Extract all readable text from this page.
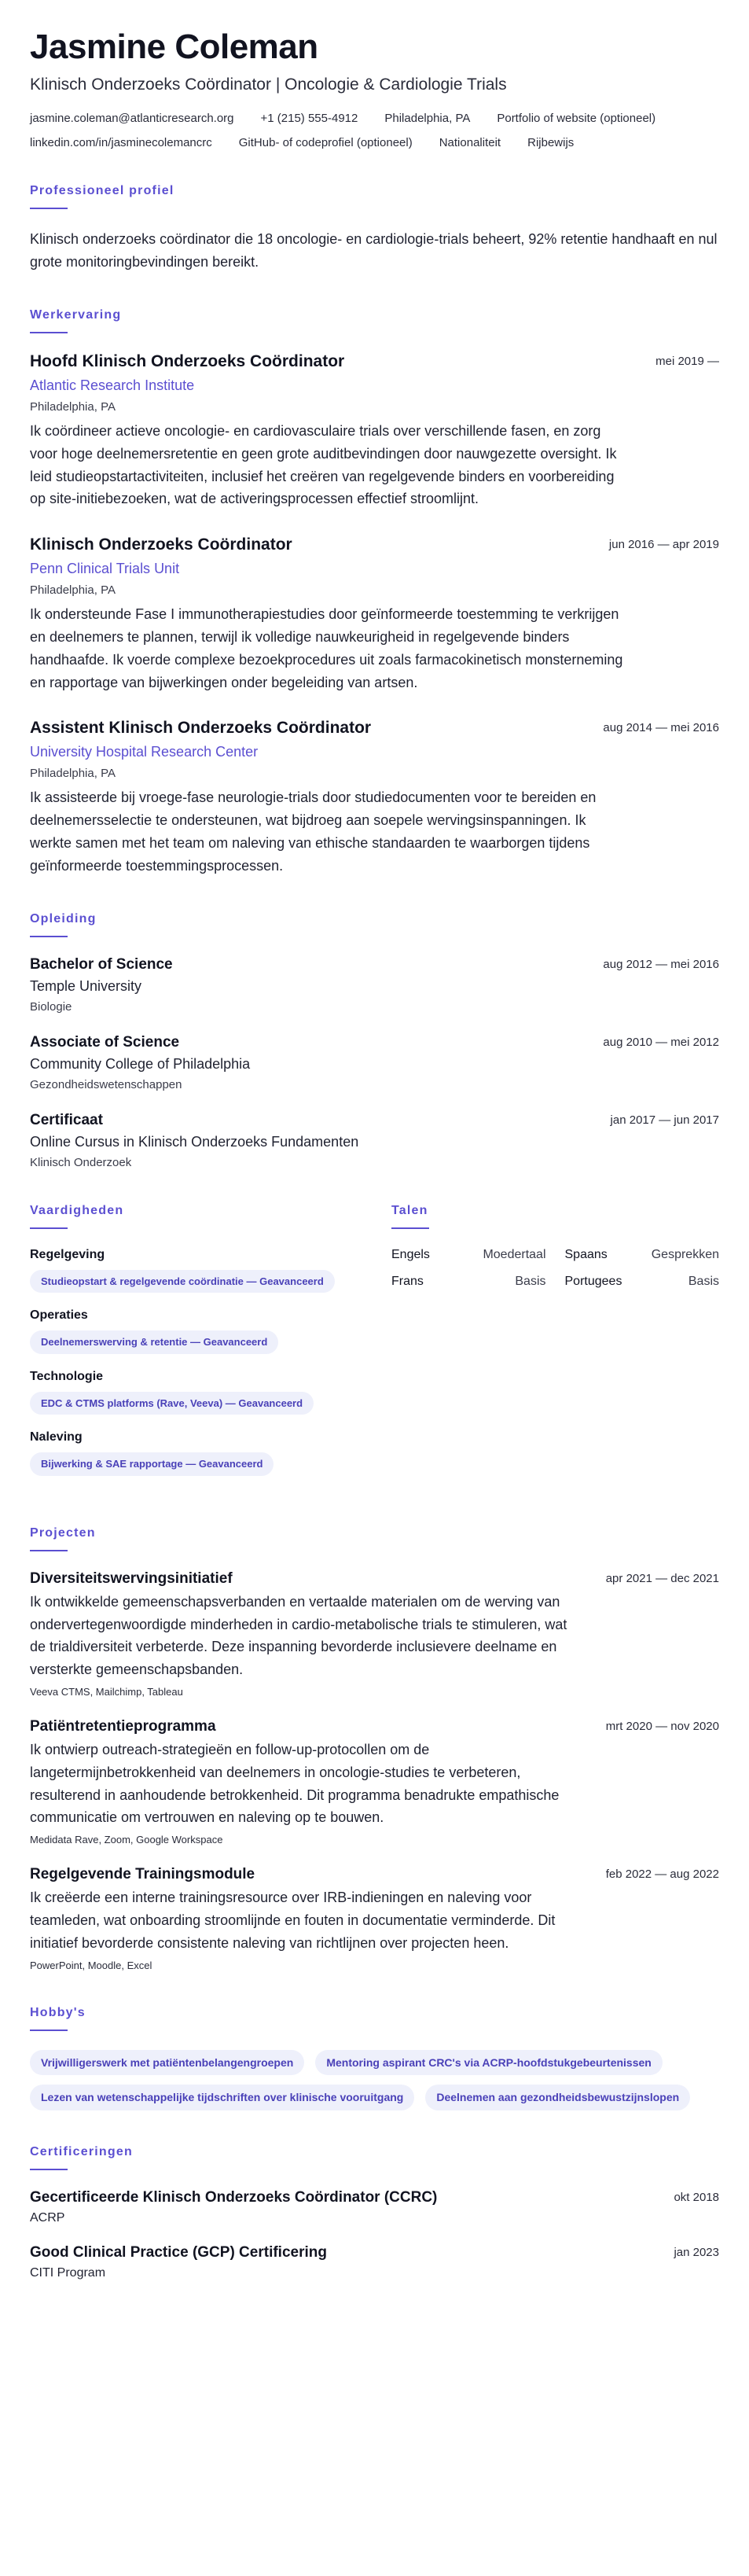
Jasmine Coleman
Klinisch Onderzoeks Coördinator | Oncologie & Cardiologie Trials
jasmine.coleman@atlanticresearch.org +1 (215) 555-4912 Philadelphia, PA Portfolio of website (optioneel)
linkedin.com/in/jasminecolemancrc GitHub- of codeprofiel (optioneel) Nationaliteit Rijbewijs
Professioneel profiel

Klinisch onderzoeks coördinator die 18 oncologie- en cardiologie-trials beheert, 92% retentie handhaaft en nul grote monitoringbevindingen bereikt.

Werkervaring
Hoofd Klinisch Onderzoeks Coördinator	mei 2019 —
Atlantic Research Institute
Philadelphia, PA

Ik coördineer actieve oncologie- en cardiovasculaire trials over verschillende fasen, en zorg voor hoge deelnemersretentie en geen grote auditbevindingen door nauwgezette oversight. Ik leid studieopstartactiviteiten, inclusief het creëren van regelgevende binders en voorbereiding op site-initiebezoeken, wat de activeringsprocessen effectief stroomlijnt.

Klinisch Onderzoeks Coördinator	jun 2016 — apr 2019
Penn Clinical Trials Unit
Philadelphia, PA

Ik ondersteunde Fase I immunotherapiestudies door geïnformeerde toestemming te verkrijgen en deelnemers te plannen, terwijl ik volledige nauwkeurigheid in regelgevende binders handhaafde. Ik voerde complexe bezoekprocedures uit zoals farmacokinetisch monsterneming en rapportage van bijwerkingen onder begeleiding van artsen.

Assistent Klinisch Onderzoeks Coördinator	aug 2014 — mei 2016
University Hospital Research Center
Philadelphia, PA

Ik assisteerde bij vroege-fase neurologie-trials door studiedocumenten voor te bereiden en deelnemersselectie te ondersteunen, wat bijdroeg aan soepele wervingsinspanningen. Ik werkte samen met het team om naleving van ethische standaarden te waarborgen tijdens geïnformeerde toestemmingsprocessen.

Opleiding
Bachelor of Science	aug 2012 — mei 2016
Temple University
Biologie
Associate of Science	aug 2010 — mei 2012
Community College of Philadelphia
Gezondheidswetenschappen
Certificaat	jan 2017 — jun 2017
Online Cursus in Klinisch Onderzoeks Fundamenten
Klinisch Onderzoek
Vaardigheden
Regelgeving
Studieopstart & regelgevende coördinatie — Geavanceerd
Operaties
Deelnemerswerving & retentie — Geavanceerd
Technologie
EDC & CTMS platforms (Rave, Veeva) — Geavanceerd
Naleving
Bijwerking & SAE rapportage — Geavanceerd
Talen
Engels	Moedertaal Spaans	Gesprekken
Frans	Basis Portugees	Basis
Projecten
Diversiteitswervingsinitiatief	apr 2021 — dec 2021

Ik ontwikkelde gemeenschapsverbanden en vertaalde materialen om de werving van ondervertegenwoordigde minderheden in cardio-metabolische trials te stimuleren, wat de trialdiversiteit verbeterde. Deze inspanning bevorderde inclusievere deelname en versterkte gemeenschapsbanden.

Veeva CTMS, Mailchimp, Tableau
Patiëntretentieprogramma	mrt 2020 — nov 2020

Ik ontwierp outreach-strategieën en follow-up-protocollen om de langetermijnbetrokkenheid van deelnemers in oncologie-studies te verbeteren, resulterend in aanhoudende betrokkenheid. Dit programma benadrukte empathische communicatie om vertrouwen en naleving op te bouwen.

Medidata Rave, Zoom, Google Workspace
Regelgevende Trainingsmodule	feb 2022 — aug 2022

Ik creëerde een interne trainingsresource over IRB-indieningen en naleving voor teamleden, wat onboarding stroomlijnde en fouten in documentatie verminderde. Dit initiatief bevorderde consistente naleving van richtlijnen over projecten heen.

PowerPoint, Moodle, Excel
Hobby's
Vrijwilligerswerk met patiëntenbelangengroepen	Mentoring aspirant CRC's via ACRP-hoofdstukgebeurtenissen
Lezen van wetenschappelijke tijdschriften over klinische vooruitgang	Deelnemen aan gezondheidsbewustzijnslopen
Certificeringen
Gecertificeerde Klinisch Onderzoeks Coördinator (CCRC)	okt 2018
ACRP
Good Clinical Practice (GCP) Certificering	jan 2023
CITI Program
